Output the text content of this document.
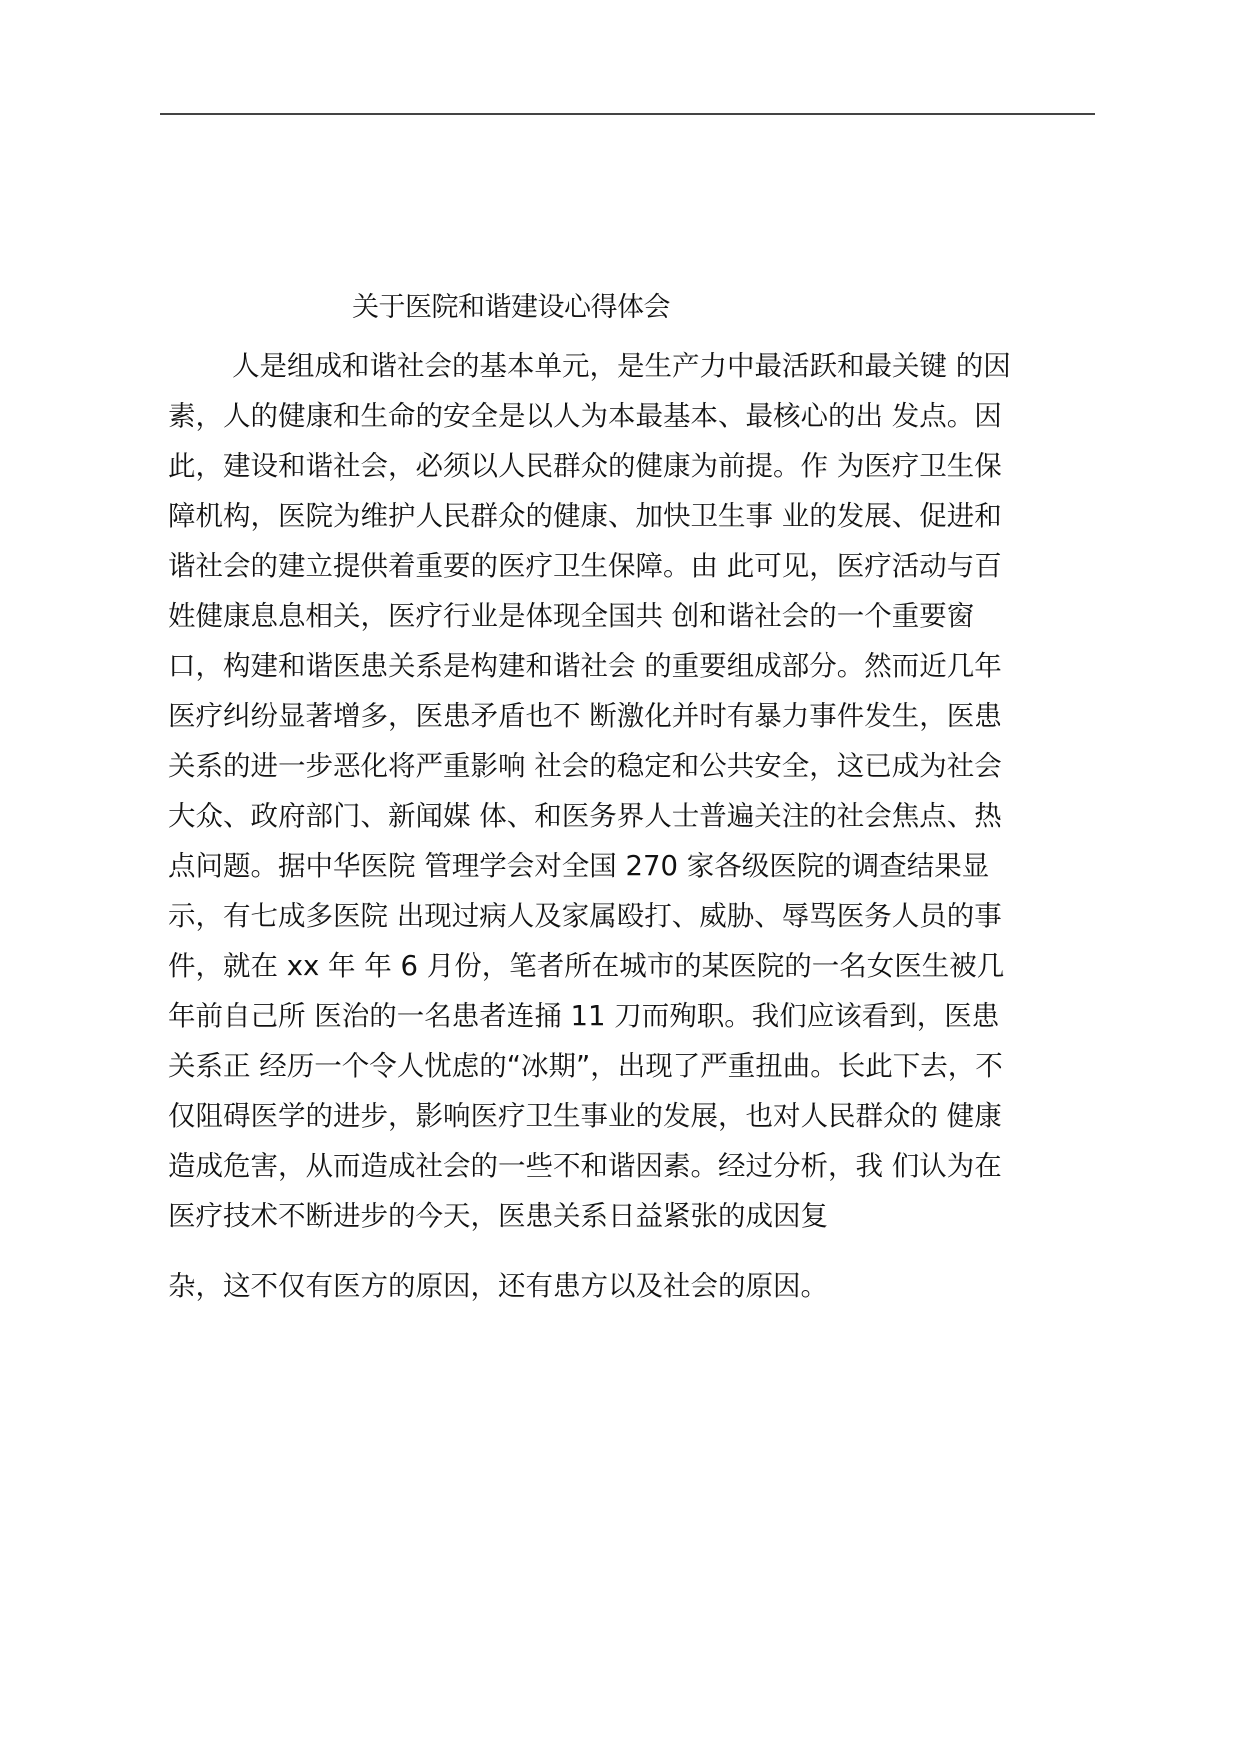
关于医院和谐建设心得体会
人是组成和谐社会的基本单元，是生产力中最活跃和最关键 的因
素，人的健康和生命的安全是以人为本最基本、最核心的出 发点。因
此，建设和谐社会，必须以人民群众的健康为前提。作 为医疗卫生保
障机构，医院为维护人民群众的健康、加快卫生事 业的发展、促进和
谐社会的建立提供着重要的医疗卫生保障。由 此可见，医疗活动与百
姓健康息息相关，医疗行业是体现全国共 创和谐社会的一个重要窗
口，构建和谐医患关系是构建和谐社会 的重要组成部分。然而近几年
医疗纠纷显著增多，医患矛盾也不 断激化并时有暴力事件发生，医患
关系的进一步恶化将严重影响 社会的稳定和公共安全，这已成为社会
大众、政府部门、新闻媒 体、和医务界人士普遍关注的社会焦点、热
点问题。据中华医院 管理学会对全国 270 家各级医院的调查结果显
示，有七成多医院 出现过病人及家属殴打、威胁、辱骂医务人员的事
件，就在 xx 年 年 6 月份，笔者所在城市的某医院的一名女医生被几
年前自己所 医治的一名患者连捅 11 刀而殉职。我们应该看到，医患
关系正 经历一个令人忧虑的“冰期”，出现了严重扭曲。长此下去，不
仅阻碍医学的进步，影响医疗卫生事业的发展，也对人民群众的 健康
造成危害，从而造成社会的一些不和谐因素。经过分析，我 们认为在
医疗技术不断进步的今天，医患关系日益紧张的成因复
杂，这不仅有医方的原因，还有患方以及社会的原因。
